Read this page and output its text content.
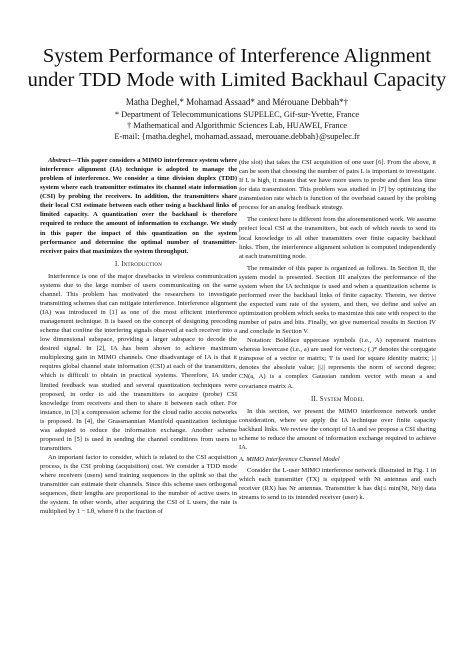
System Performance of Interference Alignment
under TDD Mode with Limited Backhaul Capacity
Matha Deghel,* Mohamad Assaad* and Mérouane Debbah*†
* Department of Telecommunications SUPELEC, Gif-sur-Yvette, France
† Mathematical and Algorithmic Sciences Lab, HUAWEI, France
E-mail: {matha.deghel, mohamad.assaad, merouane.debbah}@supelec.fr

Abstract—This paper considers a MIMO interference system where interference alignment (IA) technique is adopted to manage the problem of interference. We consider a time division duplex (TDD) system where each transmitter estimates its channel state information (CSI) by probing the receivers. In addition, the transmitters share their local CSI estimate between each other using a backhaul links of limited capacity. A quantization over the backhaul is therefore required to reduce the amount of information to exchange. We study in this paper the impact of this quantization on the system performance and determine the optimal number of transmitter-receiver pairs that maximizes the system throughput.

I. Introduction

Interference is one of the major drawbacks in wireless communication systems due to the large number of users communicating on the same channel. This problem has motivated the researchers to investigate transmitting schemes that can mitigate interference. Interference alignment (IA) was introduced in [1] as one of the most efficient interference management technique. It is based on the concept of designing precoding scheme that confine the interfering signals observed at each receiver into a low dimensional subspace, providing a larger subspace to decode the desired signal. In [2], IA has been shown to achieve maximum multiplexing gain in MIMO channels. One disadvantage of IA is that it requires global channel state information (CSI) at each of the transmitters, which is difficult to obtain in practical systems. Therefore, IA under limited feedback was studied and several quantization techniques were proposed, in order to aid the transmitters to acquire (probe) CSI knowledge from receivers and then to share it between each other. For instance, in [3] a compression scheme for the cloud radio access networks is proposed. In [4], the Grassmannian Manifold quantization technique was adopted to reduce the information exchange. Another scheme proposed in [5] is used in sending the channel conditions from users to transmitters.

An important factor to consider, which is related to the CSI acquisition process, is the CSI probing (acquisition) cost. We consider a TDD mode where receivers (users) send training sequences in the uplink so that the transmitter can estimate their channels. Since this scheme uses orthogonal sequences, their lengths are proportional to the number of active users in the system. In other words, after acquiring the CSI of L users, the rate is multiplied by 1 − Lθ, where θ is the fraction of

(the slot) that takes the CSI acquisition of one user [6]. From the above, it can be seen that choosing the number of pairs L is important to investigate. If L is high, it means that we have more users to probe and then less time for data transmission. This problem was studied in [7] by optimizing the transmission rate which is function of the overhead caused by the probing process for an analog feedback strategy.

The context here is different from the aforementioned work. We assume prefect local CSI at the transmitters, but each of which needs to send its local knowledge to all other transmitters over finite capacity backhaul links. Then, the interference alignment solution is computed independently at each transmitting node.

The remainder of this paper is organized as follows. In Section II, the system model is presented. Section III analyzes the performance of the system when the IA technique is used and when a quantization scheme is performed over the backhaul links of finite capacity. Therein, we derive the expected sum rate of the system, and then, we define and solve an optimization problem which seeks to maximize this rate with respect to the number of pairs and bits. Finally, we give numerical results in Section IV and conclude in Section V.

Notation: Boldface uppercase symbols (i.e., A) represent matrices whereas lowercase (i.e., a) are used for vectors.; (.)* denotes the conjugate transpose of a vector or matrix; 'I' is used for square identity matrix; |.| denotes the absolute value; ||.|| represents the norm of second degree; CN(a, A) is a complex Gaussian random vector with mean a and covariance matrix A.

II. System Model

In this section, we present the MIMO interference network under consideration, where we apply the IA technique over finite capacity backhaul links. We review the concept of IA and we propose a CSI sharing scheme to reduce the amount of information exchange required to achieve IA.

A. MIMO Interference Channel Model

Consider the L-user MIMO interference network illustrated in Fig. 1 in which each transmitter (TX) is equipped with Nt antennas and each receiver (RX) has Nr antennas. Transmitter k has dk(≤ min(Nt, Nr)) data streams to send to its intended receiver (user) k.
